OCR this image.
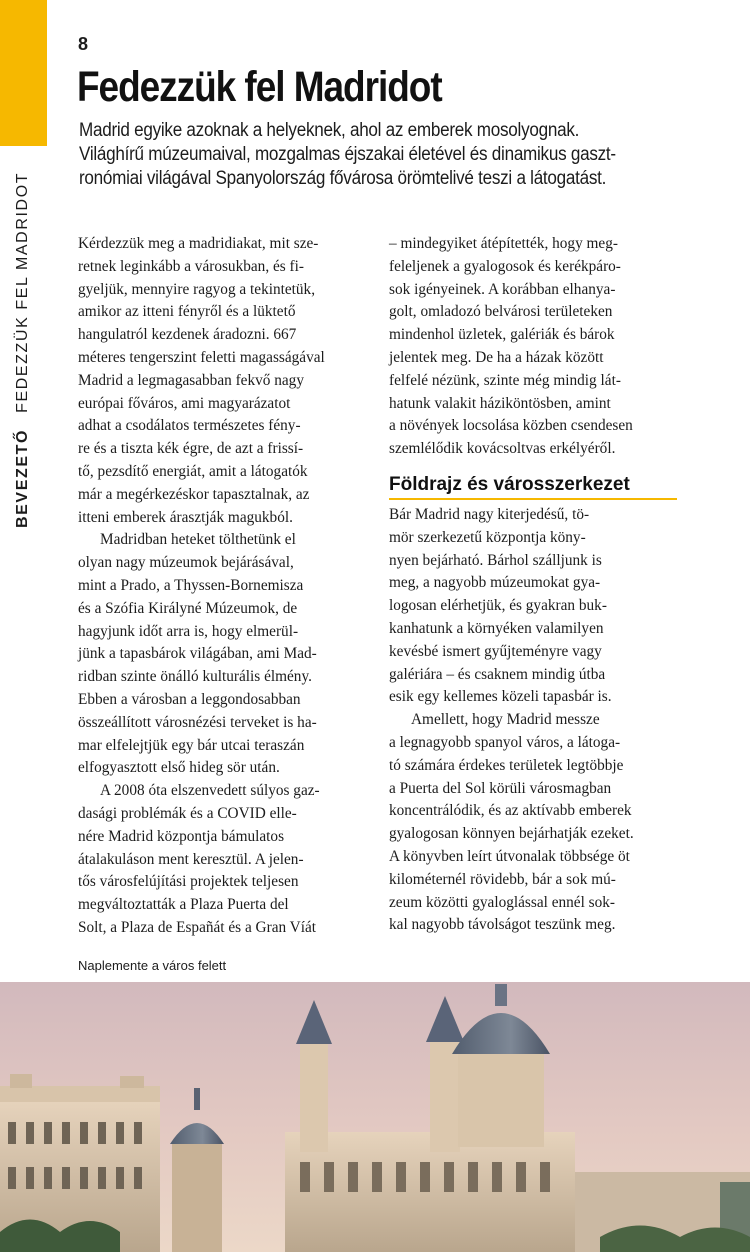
BEVEZETŐ FEDEZZÜK FEL MADRIDOT
8
Fedezzük fel Madridot
Madrid egyike azoknak a helyeknek, ahol az emberek mosolyognak.
Világhírű múzeumaival, mozgalmas éjszakai életével és dinamikus gaszt-
ronómiai világával Spanyolország fővárosa örömtelivé teszi a látogatást.
Kérdezzük meg a madridiakat, mit sze-
retnek leginkább a városukban, és fi-
gyeljük, mennyire ragyog a tekintetük,
amikor az itteni fényről és a lüktető
hangulatról kezdenek áradozni. 667
méteres tengerszint feletti magasságával
Madrid a legmagasabban fekvő nagy
európai főváros, ami magyarázatot
adhat a csodálatos természetes fény-
re és a tiszta kék égre, de azt a frissí-
tő, pezsdítő energiát, amit a látogatók
már a megérkezéskor tapasztalnak, az
itteni emberek árasztják magukból.
Madridban heteket tölthetünk el
olyan nagy múzeumok bejárásával,
mint a Prado, a Thyssen-Bornemisza
és a Szófia Királyné Múzeumok, de
hagyjunk időt arra is, hogy elmerül-
jünk a tapasbárok világában, ami Mad-
ridban szinte önálló kulturális élmény.
Ebben a városban a leggondosabban
összeállított városnézési terveket is ha-
mar elfelejtjük egy bár utcai teraszán
elfogyasztott első hideg sör után.
A 2008 óta elszenvedett súlyos gaz-
dasági problémák és a COVID elle-
nére Madrid központja bámulatos
átalakuláson ment keresztül. A jelen-
tős városfelújítási projektek teljesen
megváltoztatták a Plaza Puerta del
Solt, a Plaza de Españát és a Gran Víát
– mindegyiket átépítették, hogy meg-
feleljenek a gyalogosok és kerékpáro-
sok igényeinek. A korábban elhanya-
golt, omladozó belvárosi területeken
mindenhol üzletek, galériák és bárok
jelentek meg. De ha a házak között
felfelé nézünk, szinte még mindig lát-
hatunk valakit háziköntösben, amint
a növények locsolása közben csendesen
szemlélődik kovácsoltvas erkélyéről.
Földrajz és városszerkezet
Bár Madrid nagy kiterjedésű, tö-
mör szerkezetű központja köny-
nyen bejárható. Bárhol szálljunk is
meg, a nagyobb múzeumokat gya-
logosan elérhetjük, és gyakran buk-
kanhatunk a környéken valamilyen
kevésbé ismert gyűjteményre vagy
galériára – és csaknem mindig útba
esik egy kellemes közeli tapasbár is.
Amellett, hogy Madrid messze
a legnagyobb spanyol város, a látoga-
tó számára érdekes területek legtöbbje
a Puerta del Sol körüli városmagban
koncentrálódik, és az aktívabb emberek
gyalogosan könnyen bejárhatják ezeket.
A könyvben leírt útvonalak többsége öt
kilométernél rövidebb, bár a sok mú-
zeum közötti gyaloglással ennél sok-
kal nagyobb távolságot teszünk meg.
Naplemente a város felett
